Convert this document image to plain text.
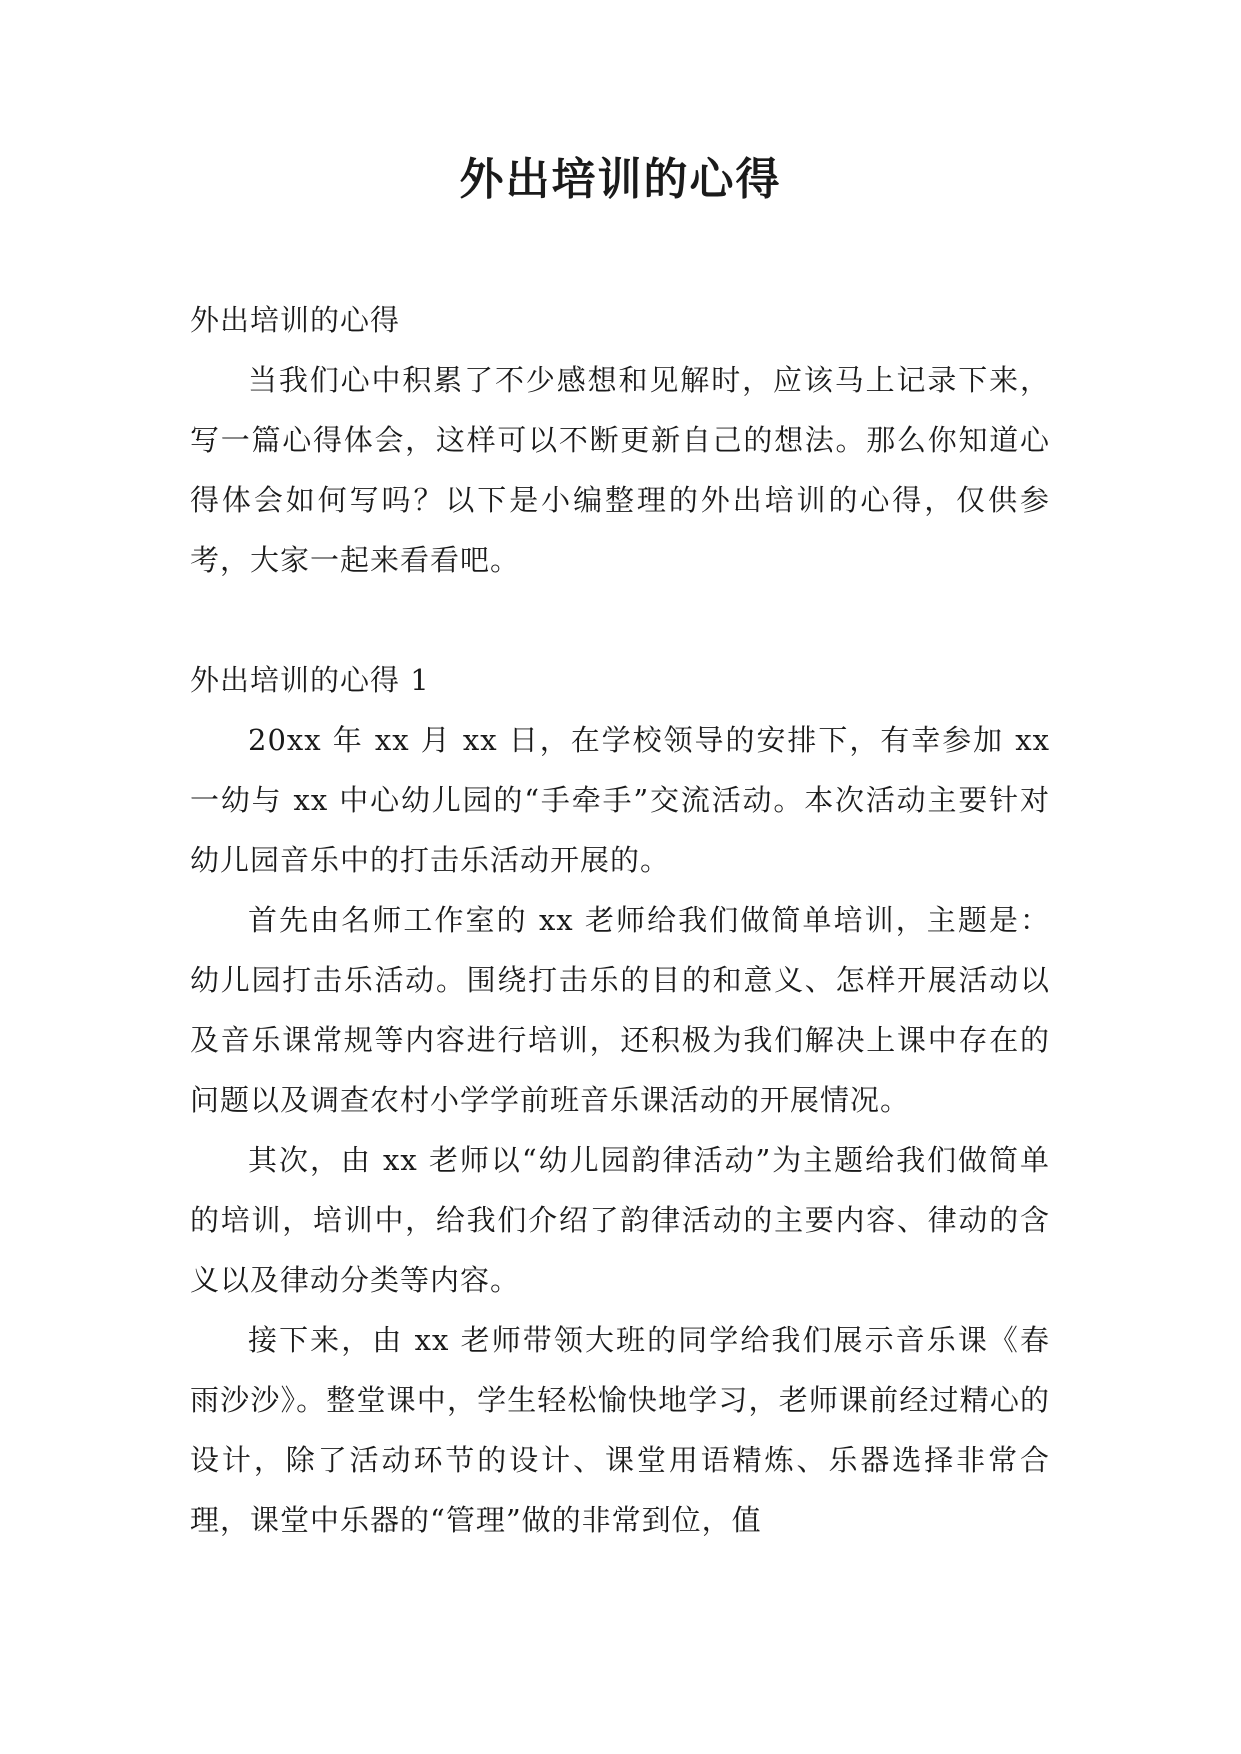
外出培训的心得

外出培训的心得

当我们心中积累了不少感想和见解时，应该马上记录下来，写一篇心得体会，这样可以不断更新自己的想法。那么你知道心得体会如何写吗？以下是小编整理的外出培训的心得，仅供参考，大家一起来看看吧。

外出培训的心得 1

20xx 年 xx 月 xx 日，在学校领导的安排下，有幸参加 xx 一幼与 xx 中心幼儿园的“手牵手”交流活动。本次活动主要针对幼儿园音乐中的打击乐活动开展的。

首先由名师工作室的 xx 老师给我们做简单培训，主题是：幼儿园打击乐活动。围绕打击乐的目的和意义、怎样开展活动以及音乐课常规等内容进行培训，还积极为我们解决上课中存在的问题以及调查农村小学学前班音乐课活动的开展情况。

其次，由 xx 老师以“幼儿园韵律活动”为主题给我们做简单的培训，培训中，给我们介绍了韵律活动的主要内容、律动的含义以及律动分类等内容。

接下来，由 xx 老师带领大班的同学给我们展示音乐课《春雨沙沙》。整堂课中，学生轻松愉快地学习，老师课前经过精心的设计，除了活动环节的设计、课堂用语精炼、乐器选择非常合理，课堂中乐器的“管理”做的非常到位，值
